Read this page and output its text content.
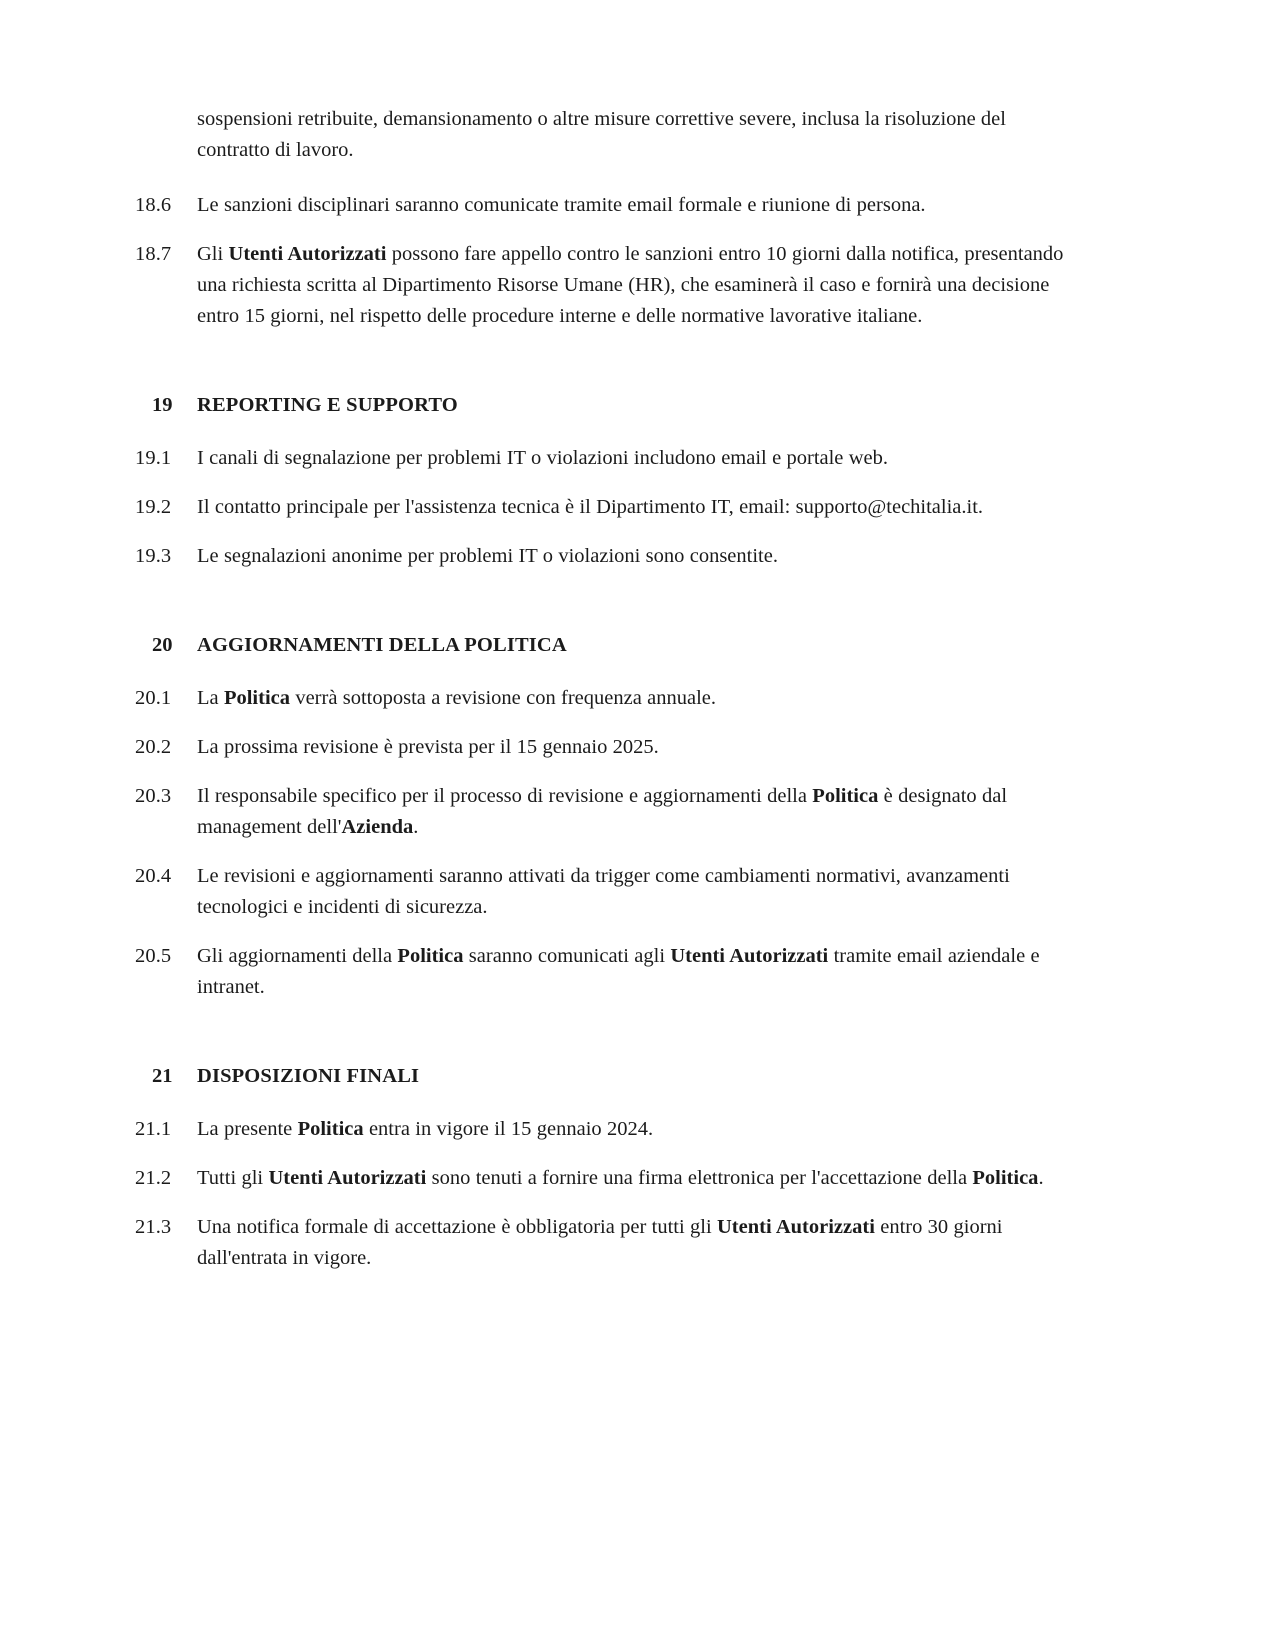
sospensioni retribuite, demansionamento o altre misure correttive severe, inclusa la risoluzione del contratto di lavoro.

18.6	Le sanzioni disciplinari saranno comunicate tramite email formale e riunione di persona.
18.7	Gli Utenti Autorizzati possono fare appello contro le sanzioni entro 10 giorni dalla notifica, presentando una richiesta scritta al Dipartimento Risorse Umane (HR), che esaminerà il caso e fornirà una decisione entro 15 giorni, nel rispetto delle procedure interne e delle normative lavorative italiane.
19	REPORTING E SUPPORTO
19.1	I canali di segnalazione per problemi IT o violazioni includono email e portale web.
19.2	Il contatto principale per l'assistenza tecnica è il Dipartimento IT, email: supporto@techitalia.it.
19.3	Le segnalazioni anonime per problemi IT o violazioni sono consentite.
20	AGGIORNAMENTI DELLA POLITICA
20.1	La Politica verrà sottoposta a revisione con frequenza annuale.
20.2	La prossima revisione è prevista per il 15 gennaio 2025.
20.3	Il responsabile specifico per il processo di revisione e aggiornamenti della Politica è designato dal management dell'Azienda.
20.4	Le revisioni e aggiornamenti saranno attivati da trigger come cambiamenti normativi, avanzamenti tecnologici e incidenti di sicurezza.
20.5	Gli aggiornamenti della Politica saranno comunicati agli Utenti Autorizzati tramite email aziendale e intranet.
21	DISPOSIZIONI FINALI
21.1	La presente Politica entra in vigore il 15 gennaio 2024.
21.2	Tutti gli Utenti Autorizzati sono tenuti a fornire una firma elettronica per l'accettazione della Politica.
21.3	Una notifica formale di accettazione è obbligatoria per tutti gli Utenti Autorizzati entro 30 giorni dall'entrata in vigore.
